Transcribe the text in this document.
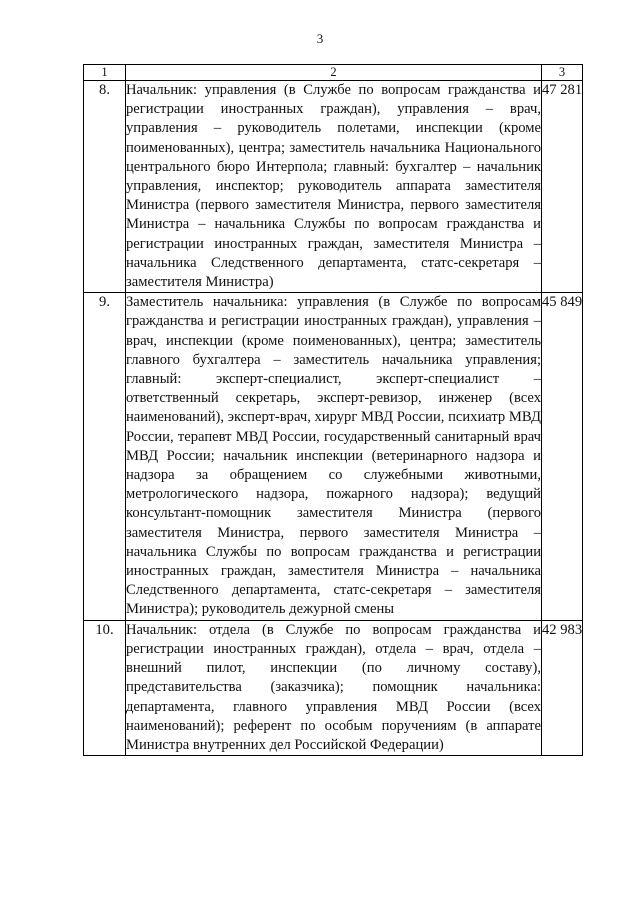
3
1	2	3
8.	Начальник: управления (в Службе по вопросам гражданства и регистрации иностранных граждан), управления – врач, управления – руководитель полетами, инспекции (кроме поименованных), центра; заместитель начальника Национального центрального бюро Интерпола; главный: бухгалтер – начальник управления, инспектор; руководитель аппарата заместителя Министра (первого заместителя Министра, первого заместителя Министра – начальника Службы по вопросам гражданства и регистрации иностранных граждан, заместителя Министра – начальника Следственного департамента, статс-секретаря – заместителя Министра)	47 281
9.	Заместитель начальника: управления (в Службе по вопросам гражданства и регистрации иностранных граждан), управления – врач, инспекции (кроме поименованных), центра; заместитель главного бухгалтера – заместитель начальника управления; главный: эксперт-специалист, эксперт-специалист – ответственный секретарь, эксперт-ревизор, инженер (всех наименований), эксперт-врач, хирург МВД России, психиатр МВД России, терапевт МВД России, государственный санитарный врач МВД России; начальник инспекции (ветеринарного надзора и надзора за обращением со служебными животными, метрологического надзора, пожарного надзора); ведущий консультант-помощник заместителя Министра (первого заместителя Министра, первого заместителя Министра – начальника Службы по вопросам гражданства и регистрации иностранных граждан, заместителя Министра – начальника Следственного департамента, статс-секретаря – заместителя Министра); руководитель дежурной смены	45 849
10.	Начальник: отдела (в Службе по вопросам гражданства и регистрации иностранных граждан), отдела – врач, отдела – внешний пилот, инспекции (по личному составу), представительства (заказчика); помощник начальника: департамента, главного управления МВД России (всех наименований); референт по особым поручениям (в аппарате Министра внутренних дел Российской Федерации)	42 983
